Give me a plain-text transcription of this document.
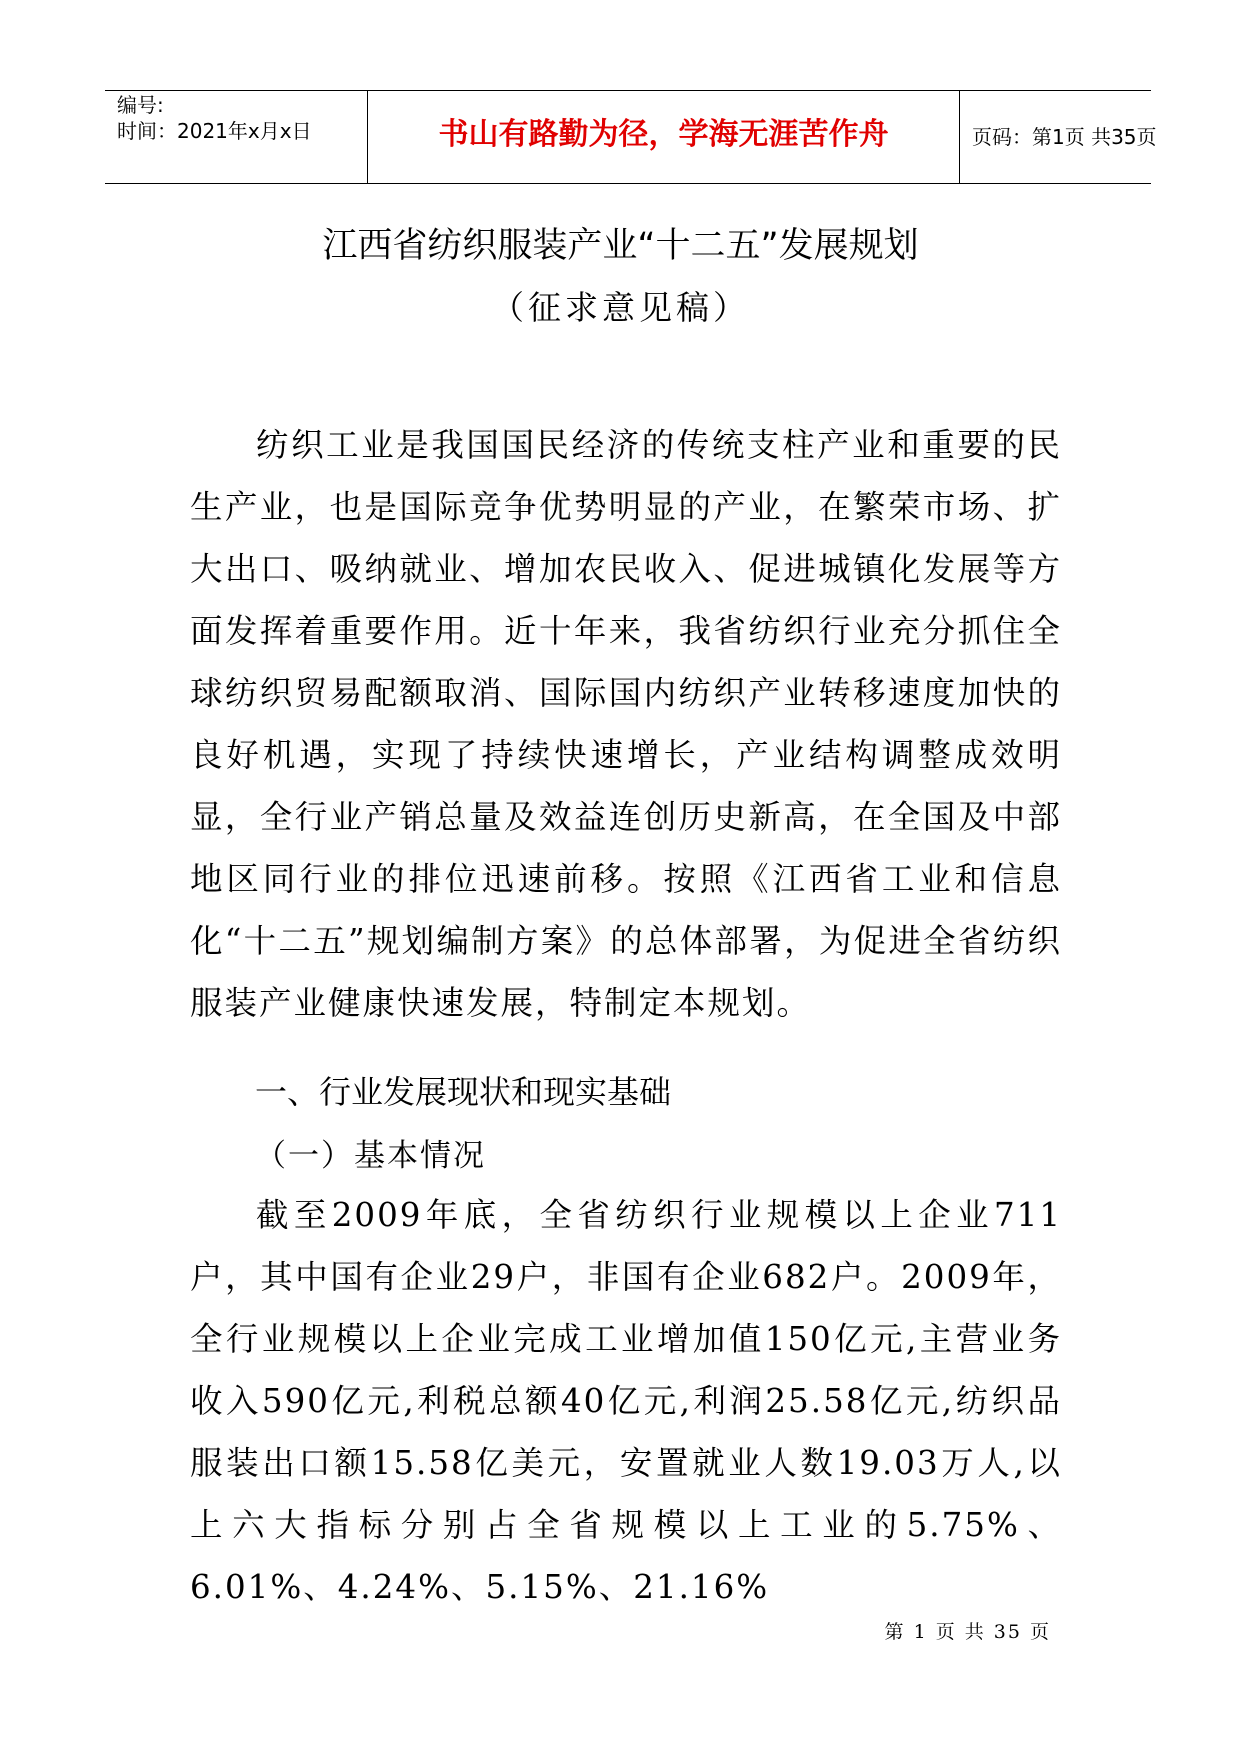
编号:
时间：2021年x月x日	书山有路勤为径，学海无涯苦作舟	页码：第1页 共35页
江西省纺织服装产业“十二五”发展规划
（征求意见稿）
纺织工业是我国国民经济的传统支柱产业和重要的民生产业，也是国际竞争优势明显的产业，在繁荣市场、扩大出口、吸纳就业、增加农民收入、促进城镇化发展等方面发挥着重要作用。近十年来，我省纺织行业充分抓住全球纺织贸易配额取消、国际国内纺织产业转移速度加快的良好机遇，实现了持续快速增长，产业结构调整成效明显，全行业产销总量及效益连创历史新高，在全国及中部地区同行业的排位迅速前移。按照《江西省工业和信息化“十二五”规划编制方案》的总体部署，为促进全省纺织服装产业健康快速发展，特制定本规划。
一、行业发展现状和现实基础
（一）基本情况
截至2009年底，全省纺织行业规模以上企业711户，其中国有企业29户，非国有企业682户。2009年，全行业规模以上企业完成工业增加值150亿元,主营业务收入590亿元,利税总额40亿元,利润25.58亿元,纺织品服装出口额15.58亿美元，安置就业人数19.03万人,以上六大指标分别占全省规模以上工业的5.75%、6.01%、4.24%、5.15%、21.16%
第 1 页 共 35 页
